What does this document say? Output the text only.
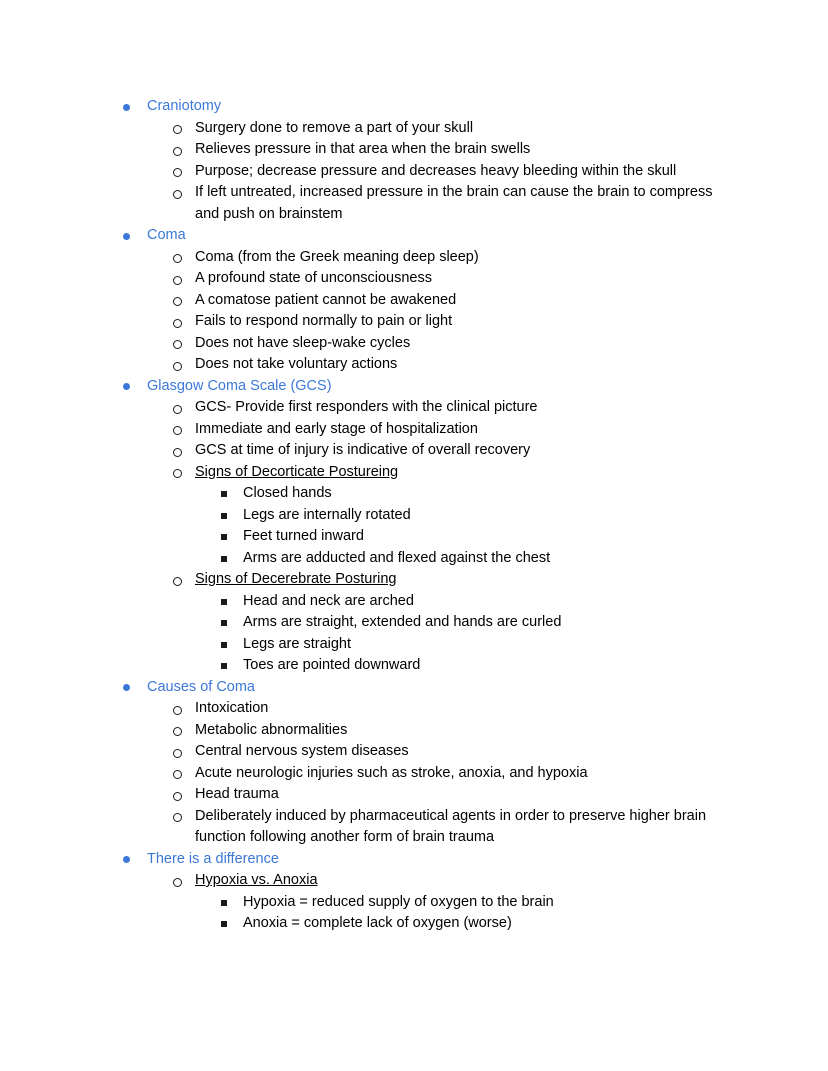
Craniotomy
Surgery done to remove a part of your skull
Relieves pressure in that area when the brain swells
Purpose; decrease pressure and decreases heavy bleeding within the skull
If left untreated, increased pressure in the brain can cause the brain to compress and push on brainstem
Coma
Coma (from the Greek meaning deep sleep)
A profound state of unconsciousness
A comatose patient cannot be awakened
Fails to respond normally to pain or light
Does not have sleep-wake cycles
Does not take voluntary actions
Glasgow Coma Scale (GCS)
GCS- Provide first responders with the clinical picture
Immediate and early stage of hospitalization
GCS at time of injury is indicative of overall recovery
Signs of Decorticate Postureing
Closed hands
Legs are internally rotated
Feet turned inward
Arms are adducted and flexed against the chest
Signs of Decerebrate Posturing
Head and neck are arched
Arms are straight, extended and hands are curled
Legs are straight
Toes are pointed downward
Causes of Coma
Intoxication
Metabolic abnormalities
Central nervous system diseases
Acute neurologic injuries such as stroke, anoxia, and hypoxia
Head trauma
Deliberately induced by pharmaceutical agents in order to preserve higher brain function following another form of brain trauma
There is a difference
Hypoxia vs. Anoxia
Hypoxia = reduced supply of oxygen to the brain
Anoxia = complete lack of oxygen (worse)
